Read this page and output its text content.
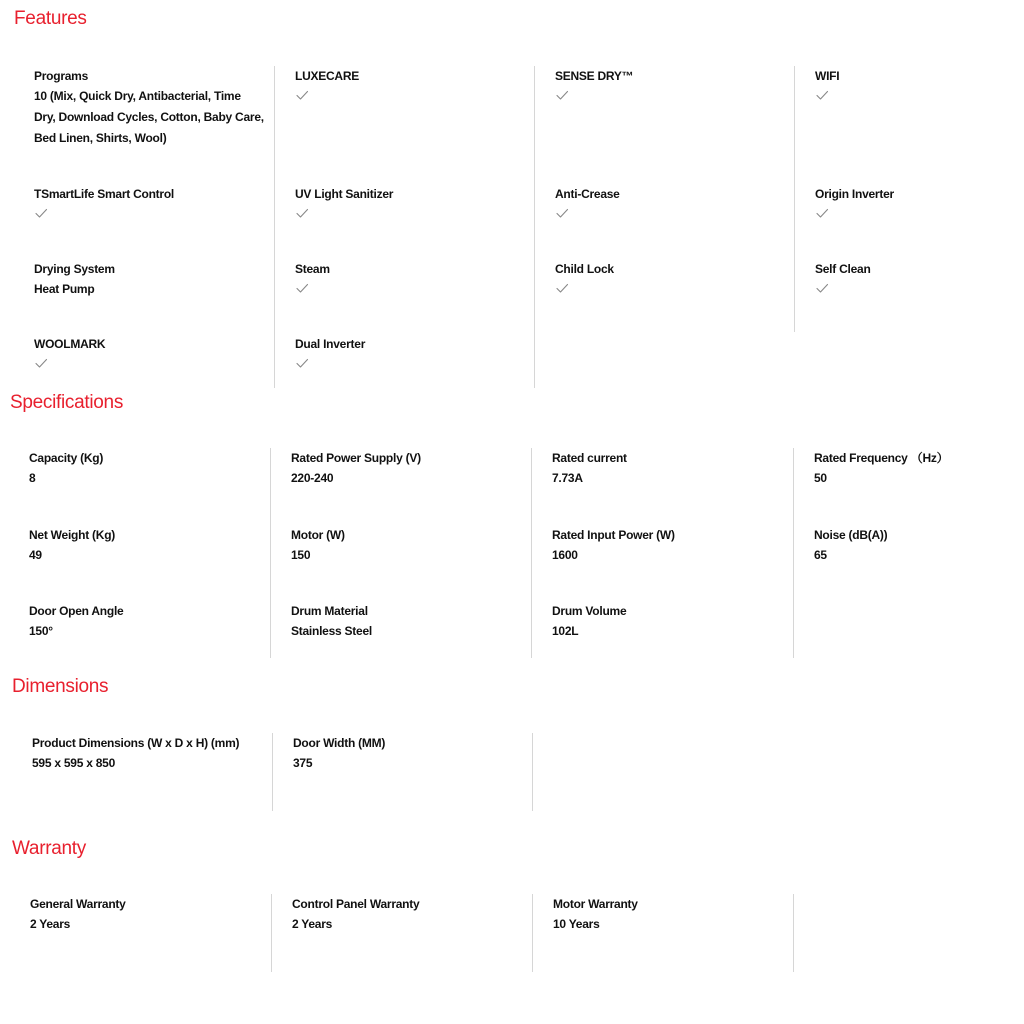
Features
Programs
10 (Mix, Quick Dry, Antibacterial, Time
Dry, Download Cycles, Cotton, Baby Care,
Bed Linen, Shirts, Wool)
TSmartLife Smart Control
Drying System
Heat Pump
WOOLMARK
LUXECARE
UV Light Sanitizer
Steam
Dual Inverter
SENSE DRY™
Anti-Crease
Child Lock
WIFI
Origin Inverter
Self Clean
Specifications
Capacity (Kg)
8
Net Weight (Kg)
49
Door Open Angle
150°
Rated Power Supply (V)
220-240
Motor (W)
150
Drum Material
Stainless Steel
Rated current
7.73A
Rated Input Power (W)
1600
Drum Volume
102L
Rated Frequency （Hz）
50
Noise (dB(A))
65
Dimensions
Product Dimensions (W x D x H) (mm)
595 x 595 x 850
Door Width (MM)
375
Warranty
General Warranty
2 Years
Control Panel Warranty
2 Years
Motor Warranty
10 Years
